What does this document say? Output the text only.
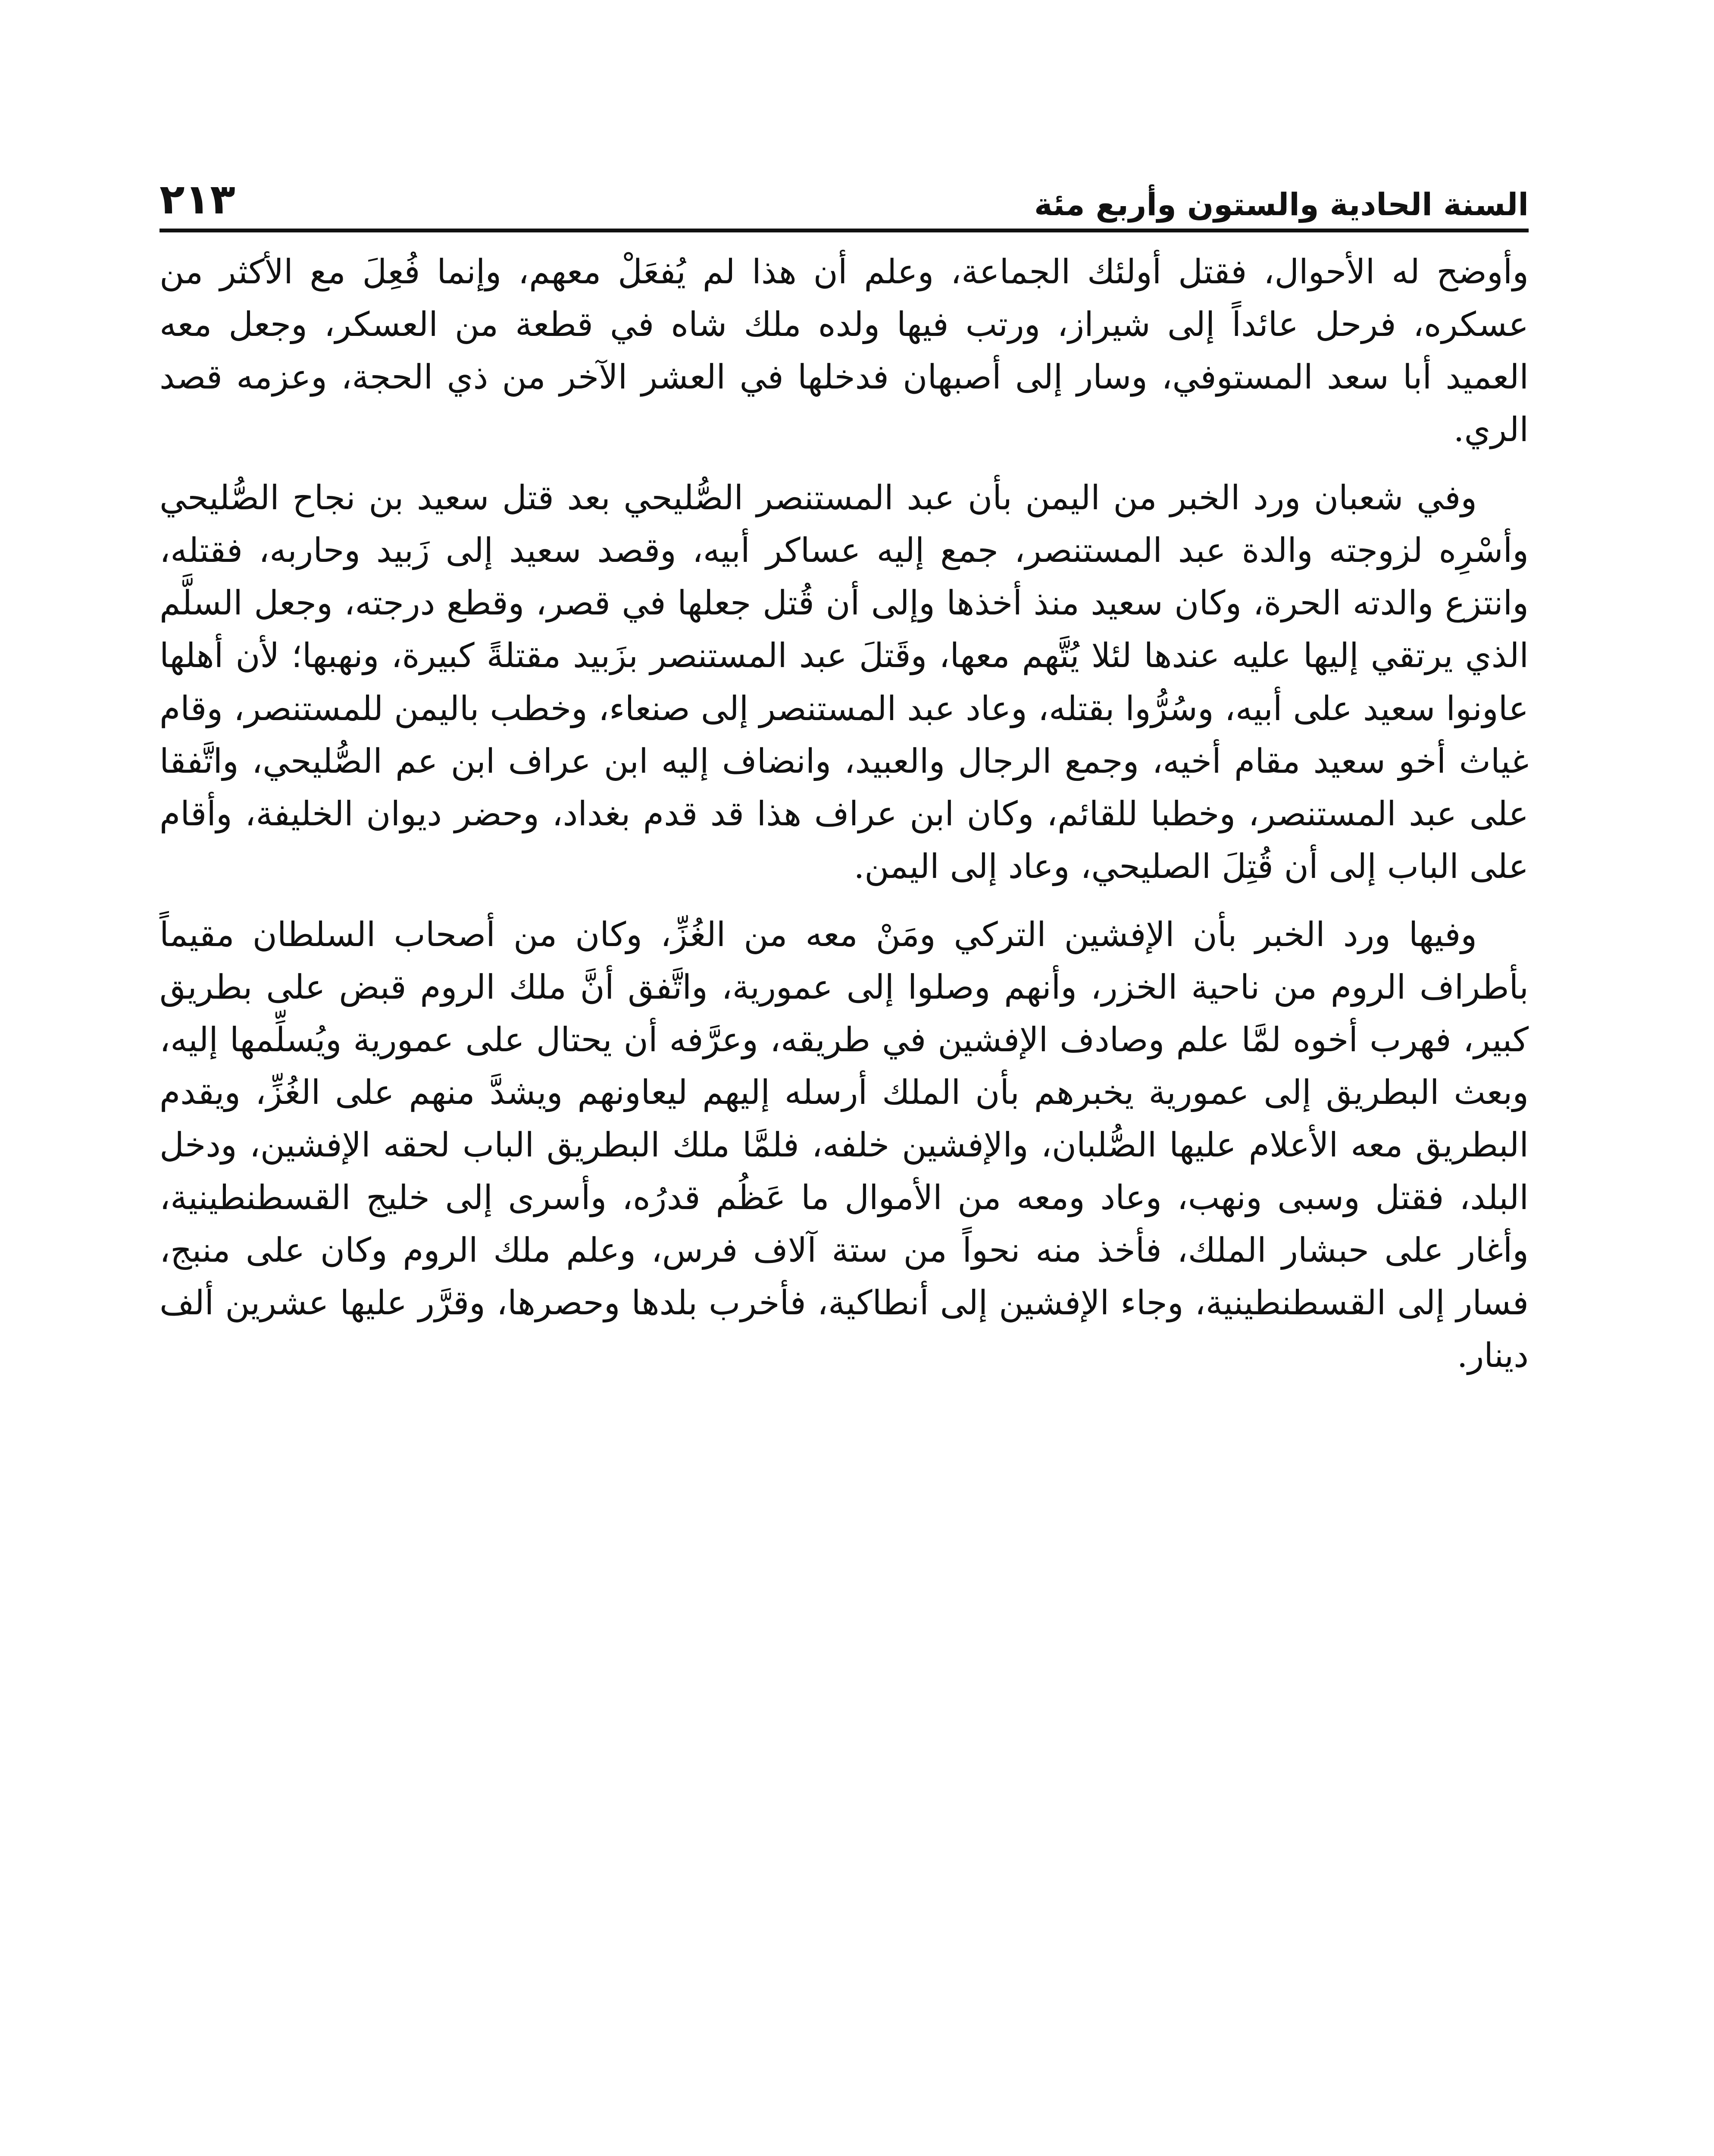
السنة الحادية والستون وأربع مئة
٢١٣

وأوضح له الأحوال، فقتل أولئك الجماعة، وعلم أن هذا لم يُفعَلْ معهم، وإنما فُعِلَ مع الأكثر من عسكره، فرحل عائداً إلى شيراز، ورتب فيها ولده ملك شاه في قطعة من العسكر، وجعل معه العميد أبا سعد المستوفي، وسار إلى أصبهان فدخلها في العشر الآخر من ذي الحجة، وعزمه قصد الري.

وفي شعبان ورد الخبر من اليمن بأن عبد المستنصر الصُّليحي بعد قتل سعيد بن نجاح الصُّليحي وأسْرِه لزوجته والدة عبد المستنصر، جمع إليه عساكر أبيه، وقصد سعيد إلى زَبيد وحاربه، فقتله، وانتزع والدته الحرة، وكان سعيد منذ أخذها وإلى أن قُتل جعلها في قصر، وقطع درجته، وجعل السلَّم الذي يرتقي إليها عليه عندها لئلا يُتَّهم معها، وقَتلَ عبد المستنصر بزَبيد مقتلةً كبيرة، ونهبها؛ لأن أهلها عاونوا سعيد على أبيه، وسُرُّوا بقتله، وعاد عبد المستنصر إلى صنعاء، وخطب باليمن للمستنصر، وقام غياث أخو سعيد مقام أخيه، وجمع الرجال والعبيد، وانضاف إليه ابن عراف ابن عم الصُّليحي، واتَّفقا على عبد المستنصر، وخطبا للقائم، وكان ابن عراف هذا قد قدم بغداد، وحضر ديوان الخليفة، وأقام على الباب إلى أن قُتِلَ الصليحي، وعاد إلى اليمن.

وفيها ورد الخبر بأن الإفشين التركي ومَنْ معه من الغُزِّ، وكان من أصحاب السلطان مقيماً بأطراف الروم من ناحية الخزر، وأنهم وصلوا إلى عمورية، واتَّفق أنَّ ملك الروم قبض على بطريق كبير، فهرب أخوه لمَّا علم وصادف الإفشين في طريقه، وعرَّفه أن يحتال على عمورية ويُسلِّمها إليه، وبعث البطريق إلى عمورية يخبرهم بأن الملك أرسله إليهم ليعاونهم ويشدَّ منهم على الغُزِّ، ويقدم البطريق معه الأعلام عليها الصُّلبان، والإفشين خلفه، فلمَّا ملك البطريق الباب لحقه الإفشين، ودخل البلد، فقتل وسبى ونهب، وعاد ومعه من الأموال ما عَظُم قدرُه، وأسرى إلى خليج القسطنطينية، وأغار على حبشار الملك، فأخذ منه نحواً من ستة آلاف فرس، وعلم ملك الروم وكان على منبج، فسار إلى القسطنطينية، وجاء الإفشين إلى أنطاكية، فأخرب بلدها وحصرها، وقرَّر عليها عشرين ألف دينار.
